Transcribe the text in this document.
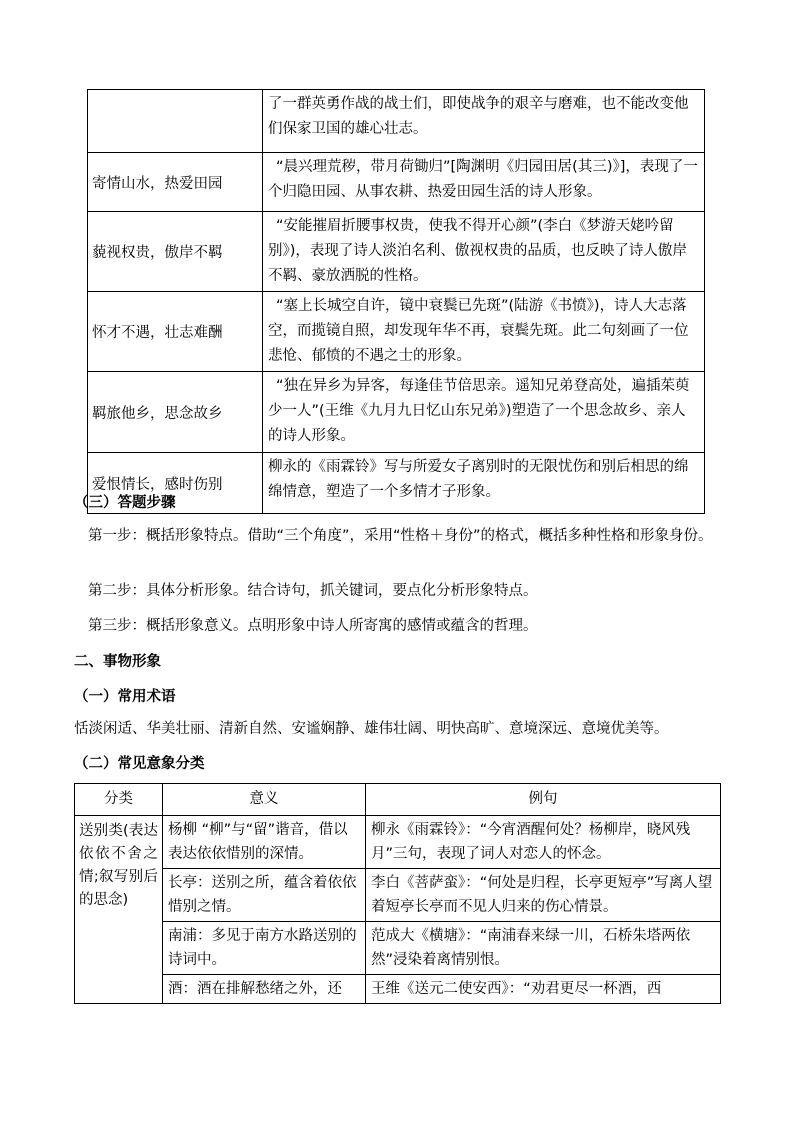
	了一群英勇作战的战士们，即使战争的艰辛与磨难，也不能改变他们保家卫国的雄心壮志。
寄情山水，热爱田园	“晨兴理荒秽，带月荷锄归”[陶渊明《归园田居(其三)》]，表现了一个归隐田园、从事农耕、热爱田园生活的诗人形象。
藐视权贵，傲岸不羁	“安能摧眉折腰事权贵，使我不得开心颜”(李白《梦游天姥吟留别》)，表现了诗人淡泊名利、傲视权贵的品质，也反映了诗人傲岸不羁、豪放洒脱的性格。
怀才不遇，壮志难酬	“塞上长城空自许，镜中衰鬓已先斑”(陆游《书愤》)，诗人大志落空，而揽镜自照，却发现年华不再，衰鬓先斑。此二句刻画了一位悲怆、郁愤的不遇之士的形象。
羁旅他乡，思念故乡	“独在异乡为异客，每逢佳节倍思亲。遥知兄弟登高处，遍插茱萸少一人”(王维《九月九日忆山东兄弟》)塑造了一个思念故乡、亲人的诗人形象。
爱恨情长，感时伤别	柳永的《雨霖铃》写与所爱女子离别时的无限忧伤和别后相思的绵绵情意，塑造了一个多情才子形象。
（三）答题步骤
第一步：概括形象特点。借助“三个角度”，采用“性格＋身份”的格式，概括多种性格和形象身份。
第二步：具体分析形象。结合诗句，抓关键词，要点化分析形象特点。
第三步：概括形象意义。点明形象中诗人所寄寓的感情或蕴含的哲理。
二、事物形象
（一）常用术语
恬淡闲适、华美壮丽、清新自然、安谧娴静、雄伟壮阔、明快高旷、意境深远、意境优美等。
（二）常见意象分类
分类	意义	例句
送别类(表达依依不舍之情;叙写别后的思念)	杨柳 “柳”与“留”谐音，借以表达依依惜别的深情。	柳永《雨霖铃》：“今宵酒醒何处？杨柳岸，晓风残月”三句，表现了词人对恋人的怀念。
	长亭：送别之所，蕴含着依依惜别之情。	李白《菩萨蛮》：“何处是归程，长亭更短亭”写离人望着短亭长亭而不见人归来的伤心情景。
	南浦：多见于南方水路送别的诗词中。	范成大《横塘》：“南浦春来绿一川，石桥朱塔两依然”浸染着离情别恨。
	酒：酒在排解愁绪之外，还	王维《送元二使安西》：“劝君更尽一杯酒，西
